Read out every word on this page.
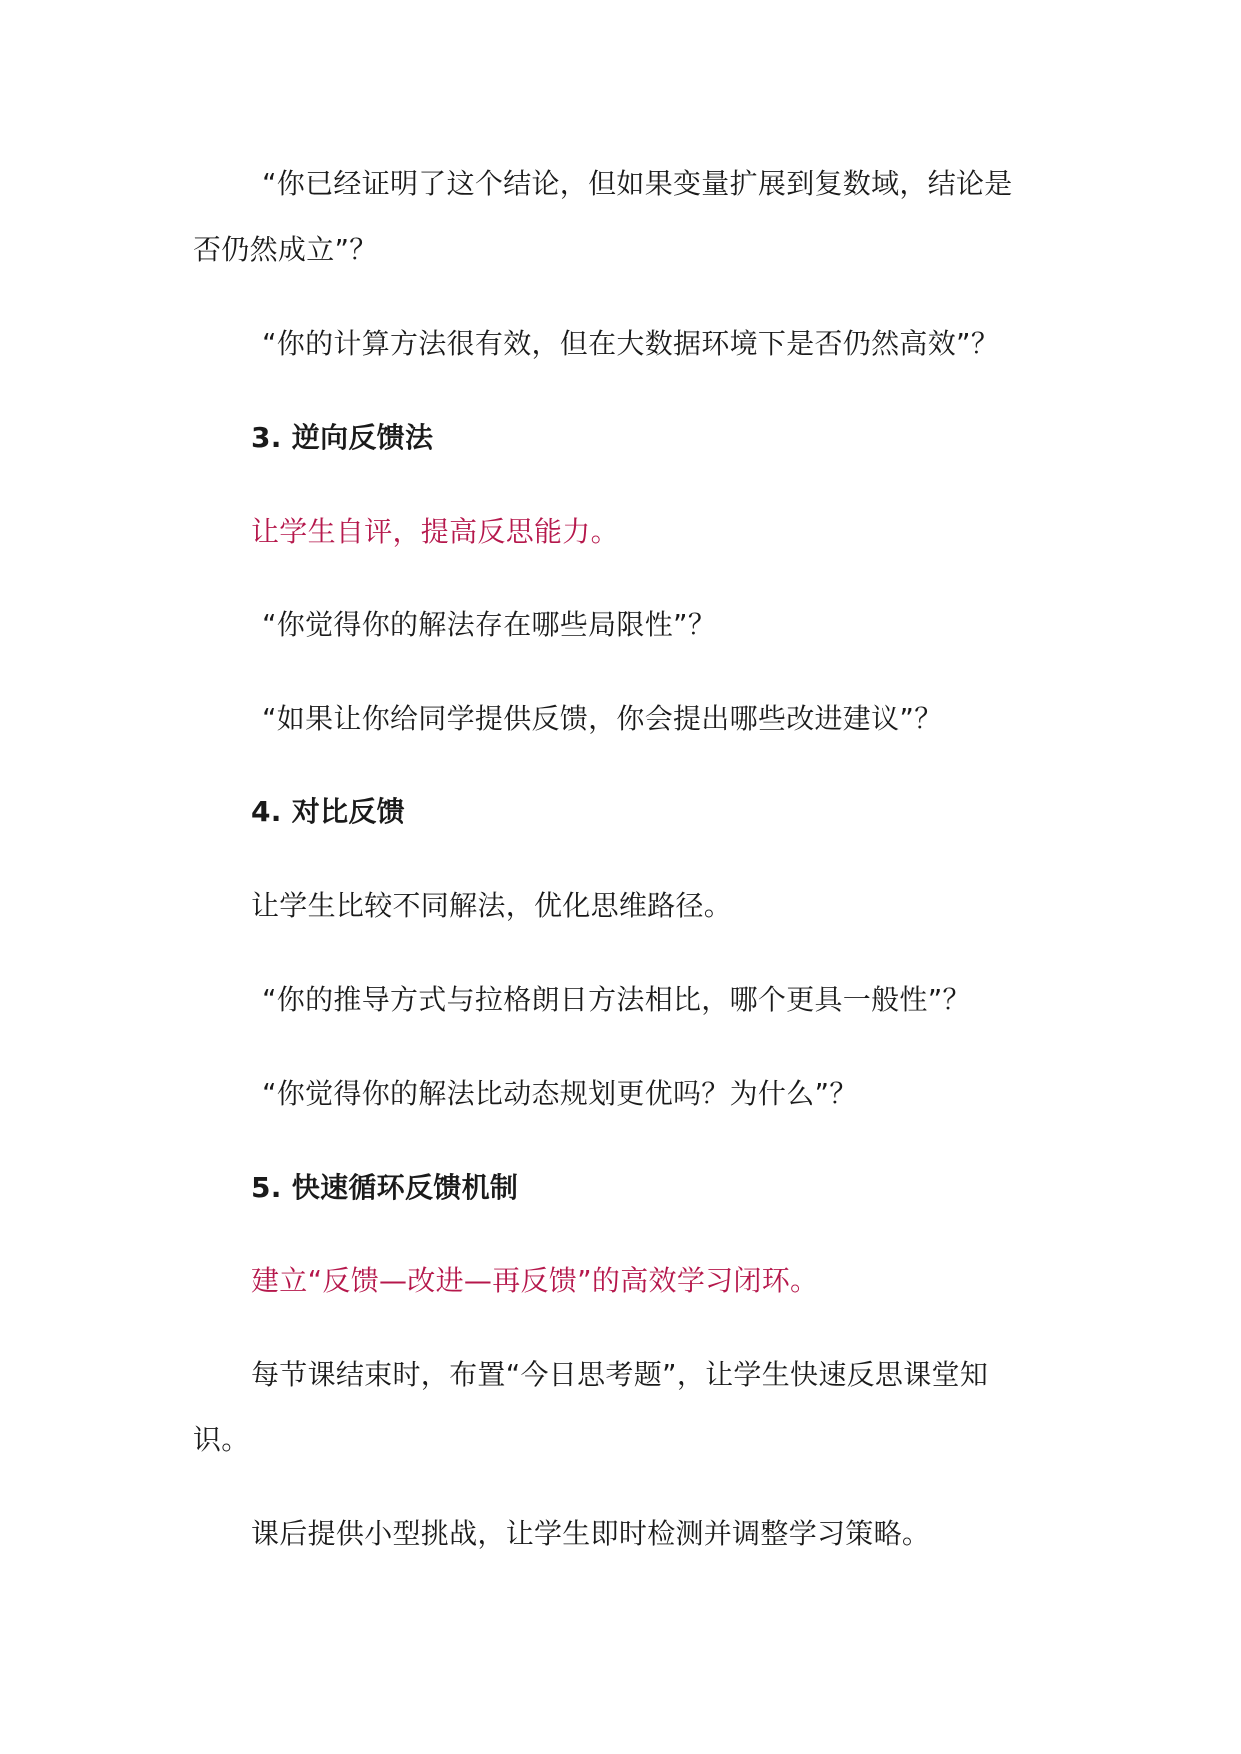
“你已经证明了这个结论，但如果变量扩展到复数域，结论是
否仍然成立”？
“你的计算方法很有效，但在大数据环境下是否仍然高效”？
3. 逆向反馈法
让学生自评，提高反思能力。
“你觉得你的解法存在哪些局限性”？
“如果让你给同学提供反馈，你会提出哪些改进建议”？
4. 对比反馈
让学生比较不同解法，优化思维路径。
“你的推导方式与拉格朗日方法相比，哪个更具一般性”？
“你觉得你的解法比动态规划更优吗？为什么”？
5. 快速循环反馈机制
建立“反馈—改进—再反馈”的高效学习闭环。
每节课结束时，布置“今日思考题”，让学生快速反思课堂知
识。
课后提供小型挑战，让学生即时检测并调整学习策略。
